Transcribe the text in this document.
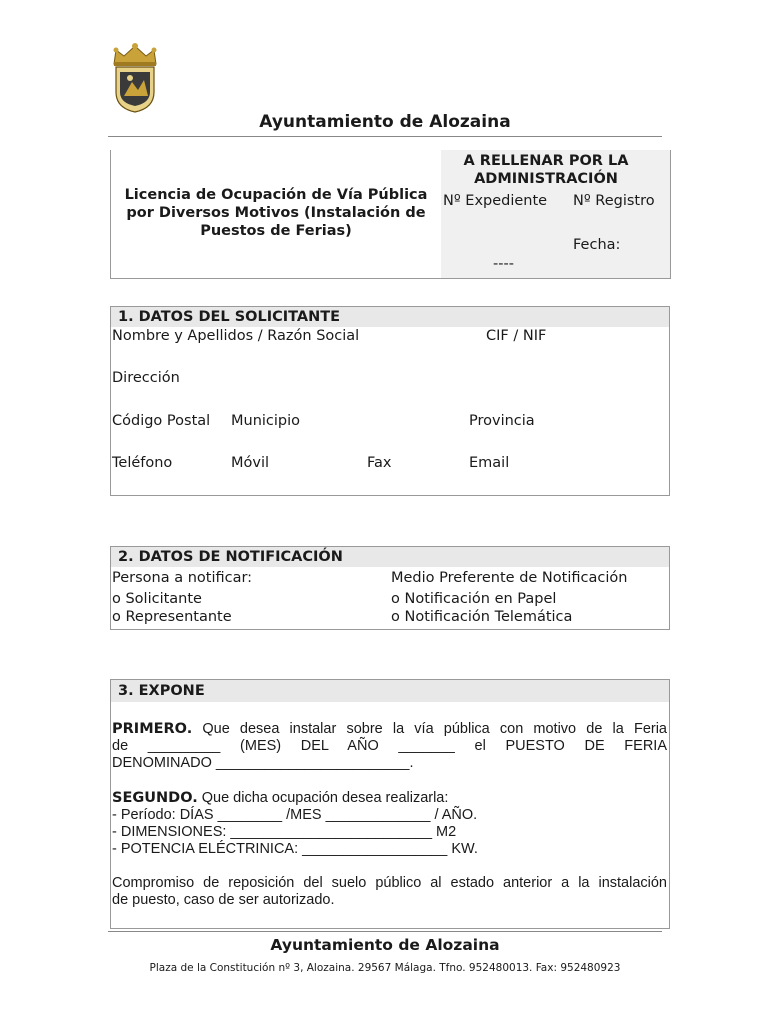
Ayuntamiento de Alozaina
Licencia de Ocupación de Vía Pública
por Diversos Motivos (Instalación de
Puestos de Ferias)
A RELLENAR POR LA
ADMINISTRACIÓN
Nº Expediente Nº Registro
Fecha:
----
1. DATOS DEL SOLICITANTE
Nombre y Apellidos / Razón Social	CIF / NIF
Dirección
Código Postal Municipio	Provincia
Teléfono	Móvil	Fax	Email
2. DATOS DE NOTIFICACIÓN
Persona a notificar:
o Solicitante
o Representante
Medio Preferente de Notificación
o Notificación en Papel
o Notificación Telemática
3. EXPONE
PRIMERO. Que desea instalar sobre la vía pública con motivo de la Feria
de _________ (MES) DEL AÑO _______ el PUESTO DE FERIA
DENOMINADO ________________________.
SEGUNDO. Que dicha ocupación desea realizarla:
- Período: DÍAS ________ /MES _____________ / AÑO.
- DIMENSIONES: _________________________ M2
- POTENCIA ELÉCTRINICA: __________________ KW.
Compromiso de reposición del suelo público al estado anterior a la instalación
de puesto, caso de ser autorizado.
Ayuntamiento de Alozaina
Plaza de la Constitución nº 3, Alozaina. 29567 Málaga. Tfno. 952480013. Fax: 952480923
